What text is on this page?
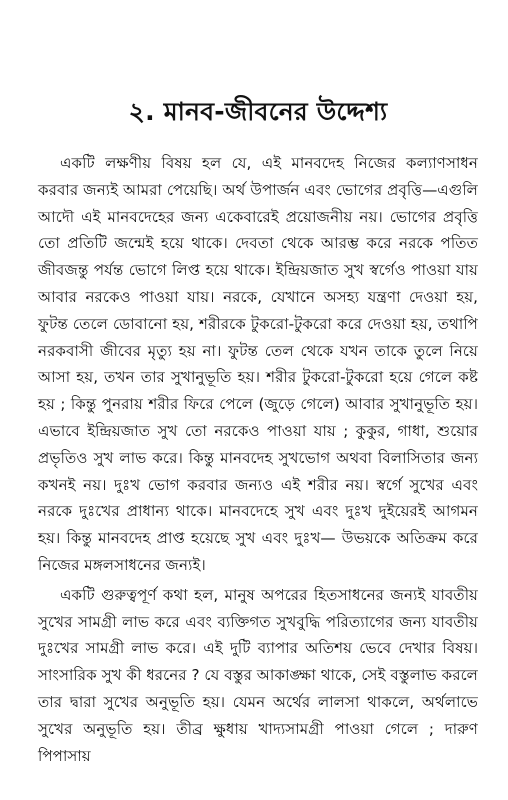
২. মানব-জীবনের উদ্দেশ্য

একটি লক্ষণীয় বিষয় হল যে, এই মানবদেহ নিজের কল্যাণসাধন করবার জন্যই আমরা পেয়েছি। অর্থ উপার্জন এবং ভোগের প্রবৃত্তি—এগুলি আদৌ এই মানবদেহের জন্য একেবারেই প্রয়োজনীয় নয়। ভোগের প্রবৃত্তি তো প্রতিটি জন্মেই হয়ে থাকে। দেবতা থেকে আরম্ভ করে নরকে পতিত জীবজন্তু পর্যন্ত ভোগে লিপ্ত হয়ে থাকে। ইন্দ্রিয়জাত সুখ স্বর্গেও পাওয়া যায় আবার নরকেও পাওয়া যায়। নরকে, যেখানে অসহ্য যন্ত্রণা দেওয়া হয়, ফুটন্ত তেলে ডোবানো হয়, শরীরকে টুকরো-টুকরো করে দেওয়া হয়, তথাপি নরকবাসী জীবের মৃত্যু হয় না। ফুটন্ত তেল থেকে যখন তাকে তুলে নিয়ে আসা হয়, তখন তার সুখানুভূতি হয়। শরীর টুকরো-টুকরো হয়ে গেলে কষ্ট হয় ; কিন্তু পুনরায় শরীর ফিরে পেলে (জুড়ে গেলে) আবার সুখানুভূতি হয়। এভাবে ইন্দ্রিয়জাত সুখ তো নরকেও পাওয়া যায় ; কুকুর, গাধা, শুয়োর প্রভৃতিও সুখ লাভ করে। কিন্তু মানবদেহ সুখভোগ অথবা বিলাসিতার জন্য কখনই নয়। দুঃখ ভোগ করবার জন্যও এই শরীর নয়। স্বর্গে সুখের এবং নরকে দুঃখের প্রাধান্য থাকে। মানবদেহে সুখ এবং দুঃখ দুইয়েরই আগমন হয়। কিন্তু মানবদেহ প্রাপ্ত হয়েছে সুখ এবং দুঃখ— উভয়কে অতিক্রম করে নিজের মঙ্গলসাধনের জন্যই।

একটি গুরুত্বপূর্ণ কথা হল, মানুষ অপরের হিতসাধনের জন্যই যাবতীয় সুখের সামগ্রী লাভ করে এবং ব্যক্তিগত সুখবুদ্ধি পরিত্যাগের জন্য যাবতীয় দুঃখের সামগ্রী লাভ করে। এই দুটি ব্যাপার অতিশয় ভেবে দেখার বিষয়। সাংসারিক সুখ কী ধরনের ? যে বস্তুর আকাঙ্ক্ষা থাকে, সেই বস্তুলাভ করলে তার দ্বারা সুখের অনুভূতি হয়। যেমন অর্থের লালসা থাকলে, অর্থলাভে সুখের অনুভূতি হয়। তীব্র ক্ষুধায় খাদ্যসামগ্রী পাওয়া গেলে ; দারুণ পিপাসায়
